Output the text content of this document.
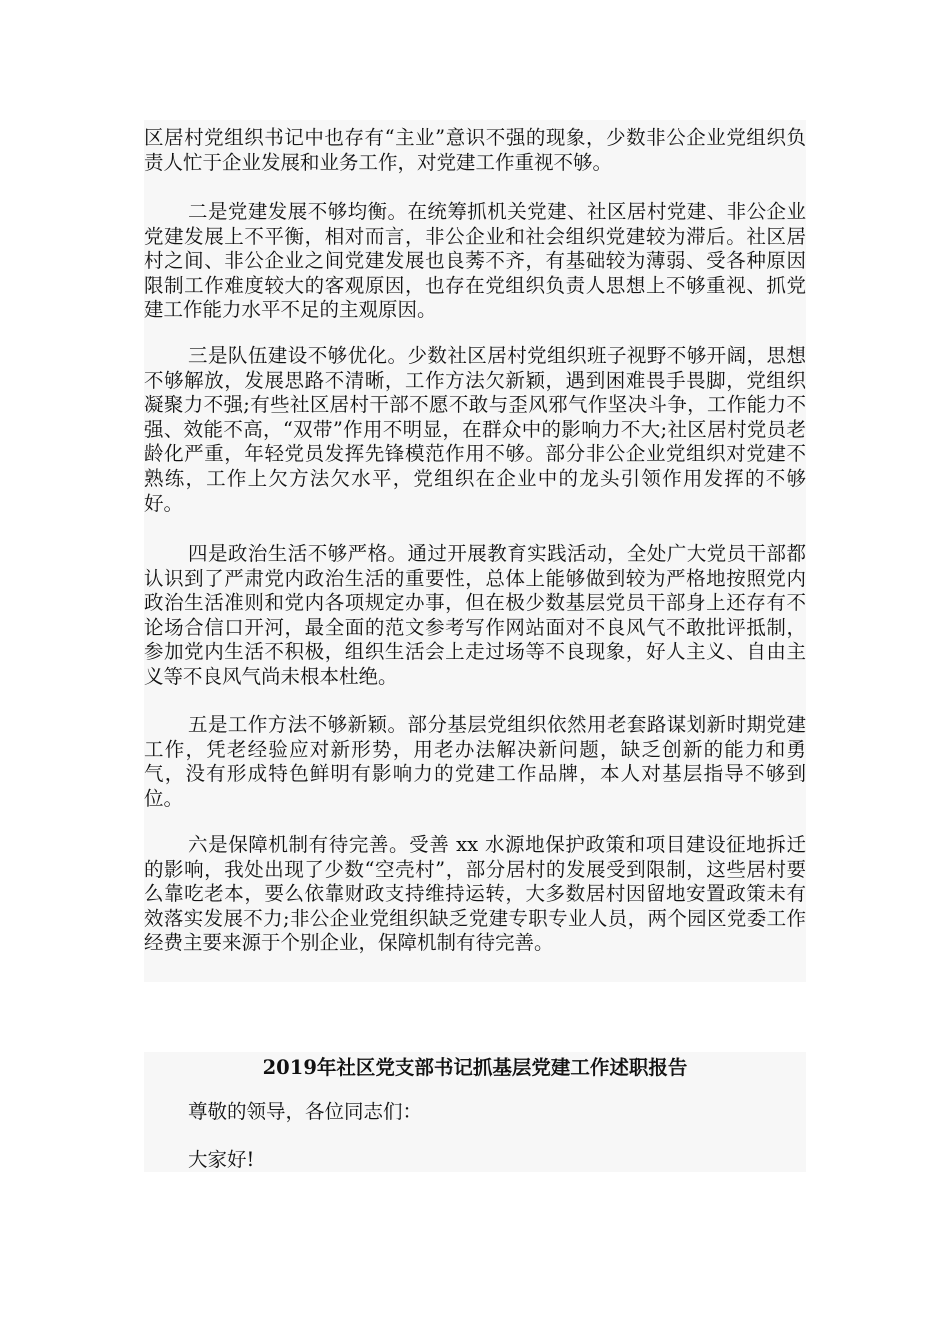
区居村党组织书记中也存有“主业”意识不强的现象，少数非公企业党组织负责人忙于企业发展和业务工作，对党建工作重视不够。

二是党建发展不够均衡。在统筹抓机关党建、社区居村党建、非公企业党建发展上不平衡，相对而言，非公企业和社会组织党建较为滞后。社区居村之间、非公企业之间党建发展也良莠不齐，有基础较为薄弱、受各种原因限制工作难度较大的客观原因，也存在党组织负责人思想上不够重视、抓党建工作能力水平不足的主观原因。

三是队伍建设不够优化。少数社区居村党组织班子视野不够开阔，思想不够解放，发展思路不清晰，工作方法欠新颖，遇到困难畏手畏脚，党组织凝聚力不强;有些社区居村干部不愿不敢与歪风邪气作坚决斗争，工作能力不强、效能不高，“双带”作用不明显，在群众中的影响力不大;社区居村党员老龄化严重，年轻党员发挥先锋模范作用不够。部分非公企业党组织对党建不熟练，工作上欠方法欠水平，党组织在企业中的龙头引领作用发挥的不够好。

四是政治生活不够严格。通过开展教育实践活动，全处广大党员干部都认识到了严肃党内政治生活的重要性，总体上能够做到较为严格地按照党内政治生活准则和党内各项规定办事，但在极少数基层党员干部身上还存有不论场合信口开河，最全面的范文参考写作网站面对不良风气不敢批评抵制，参加党内生活不积极，组织生活会上走过场等不良现象，好人主义、自由主义等不良风气尚未根本杜绝。

五是工作方法不够新颖。部分基层党组织依然用老套路谋划新时期党建工作，凭老经验应对新形势，用老办法解决新问题，缺乏创新的能力和勇气，没有形成特色鲜明有影响力的党建工作品牌，本人对基层指导不够到位。

六是保障机制有待完善。受善 xx 水源地保护政策和项目建设征地拆迁的影响，我处出现了少数“空壳村”，部分居村的发展受到限制，这些居村要么靠吃老本，要么依靠财政支持维持运转，大多数居村因留地安置政策未有效落实发展不力;非公企业党组织缺乏党建专职专业人员，两个园区党委工作经费主要来源于个别企业，保障机制有待完善。

2019年社区党支部书记抓基层党建工作述职报告

尊敬的领导，各位同志们：

大家好!
